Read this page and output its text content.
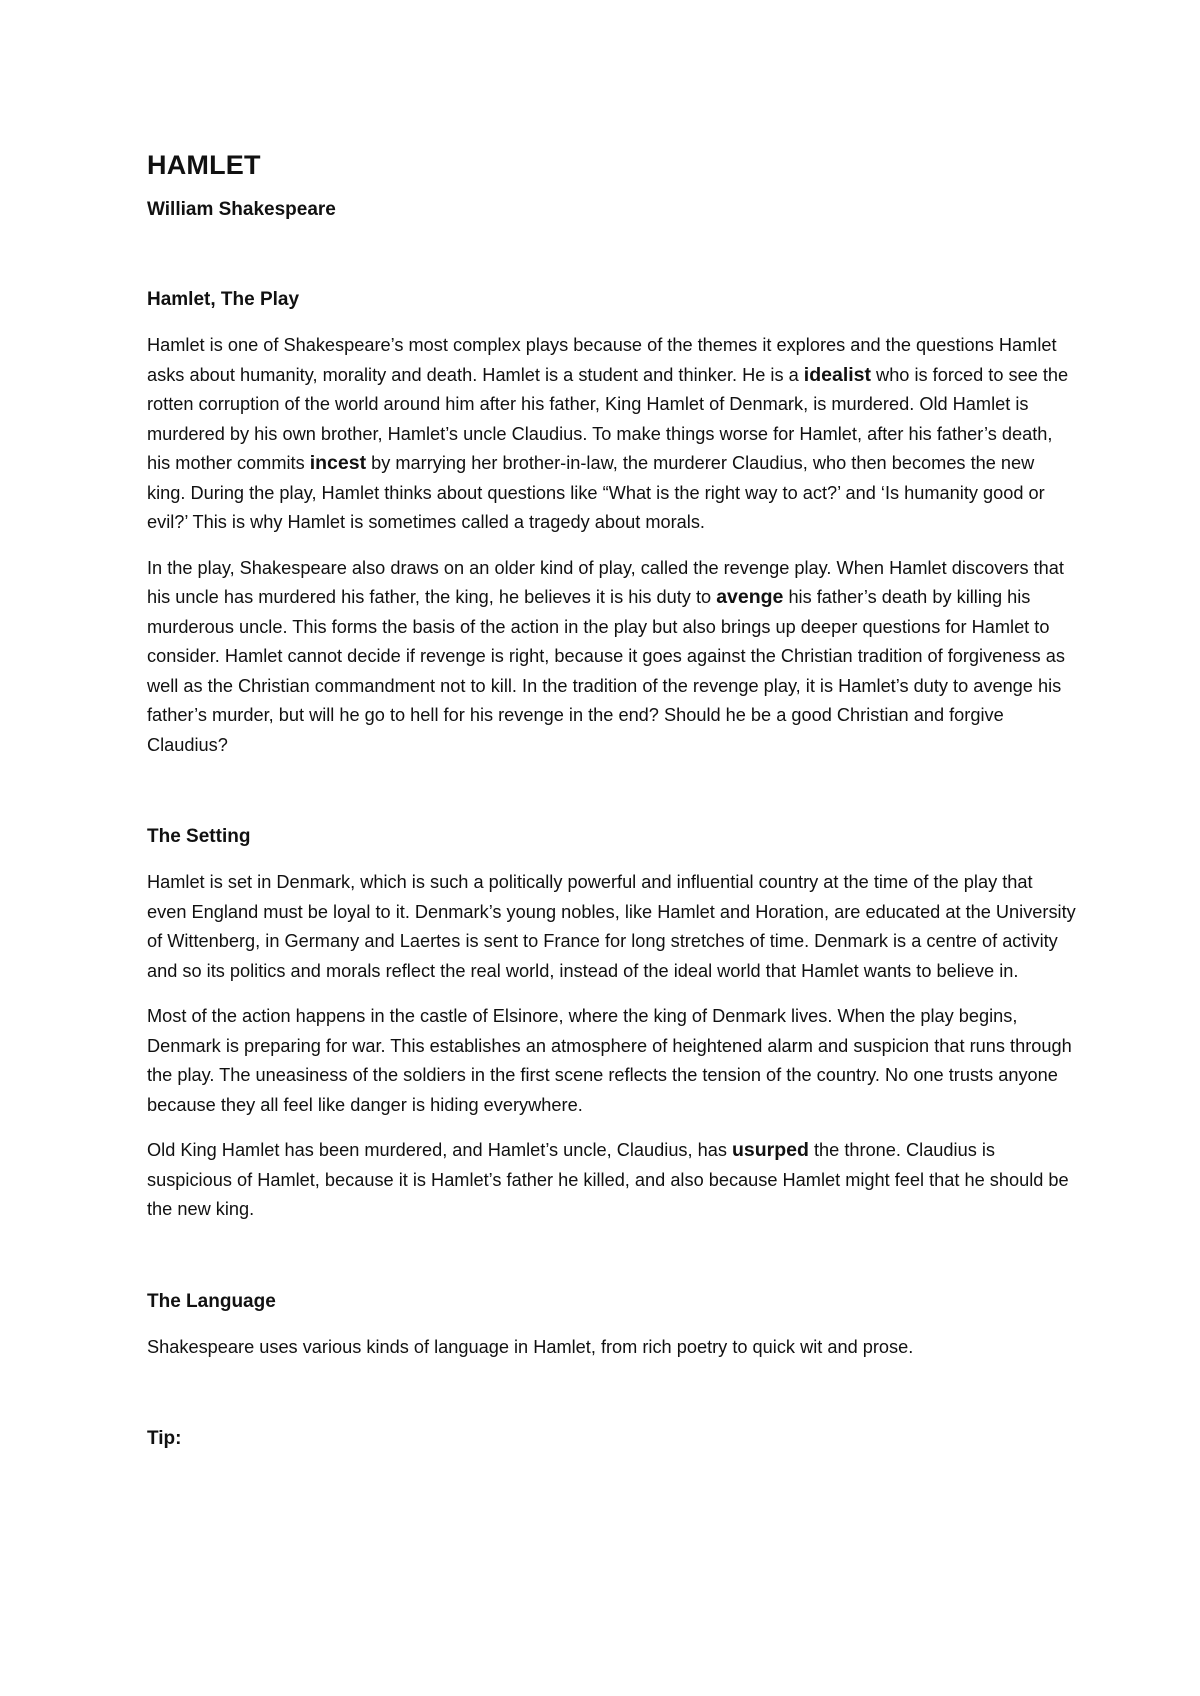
HAMLET
William Shakespeare
Hamlet, The Play

Hamlet is one of Shakespeare’s most complex plays because of the themes it explores and the questions Hamlet asks about humanity, morality and death. Hamlet is a student and thinker. He is a idealist who is forced to see the rotten corruption of the world around him after his father, King Hamlet of Denmark, is murdered. Old Hamlet is murdered by his own brother, Hamlet’s uncle Claudius. To make things worse for Hamlet, after his father’s death, his mother commits incest by marrying her brother-in-law, the murderer Claudius, who then becomes the new king. During the play, Hamlet thinks about questions like “What is the right way to act?’ and ‘Is humanity good or evil?’ This is why Hamlet is sometimes called a tragedy about morals.

In the play, Shakespeare also draws on an older kind of play, called the revenge play. When Hamlet discovers that his uncle has murdered his father, the king, he believes it is his duty to avenge his father’s death by killing his murderous uncle. This forms the basis of the action in the play but also brings up deeper questions for Hamlet to consider. Hamlet cannot decide if revenge is right, because it goes against the Christian tradition of forgiveness as well as the Christian commandment not to kill. In the tradition of the revenge play, it is Hamlet’s duty to avenge his father’s murder, but will he go to hell for his revenge in the end? Should he be a good Christian and forgive Claudius?

The Setting

Hamlet is set in Denmark, which is such a politically powerful and influential country at the time of the play that even England must be loyal to it. Denmark’s young nobles, like Hamlet and Horation, are educated at the University of Wittenberg, in Germany and Laertes is sent to France for long stretches of time. Denmark is a centre of activity and so its politics and morals reflect the real world, instead of the ideal world that Hamlet wants to believe in.

Most of the action happens in the castle of Elsinore, where the king of Denmark lives. When the play begins, Denmark is preparing for war. This establishes an atmosphere of heightened alarm and suspicion that runs through the play. The uneasiness of the soldiers in the first scene reflects the tension of the country. No one trusts anyone because they all feel like danger is hiding everywhere.

Old King Hamlet has been murdered, and Hamlet’s uncle, Claudius, has usurped the throne. Claudius is suspicious of Hamlet, because it is Hamlet’s father he killed, and also because Hamlet might feel that he should be the new king.

The Language

Shakespeare uses various kinds of language in Hamlet, from rich poetry to quick wit and prose.

Tip:
